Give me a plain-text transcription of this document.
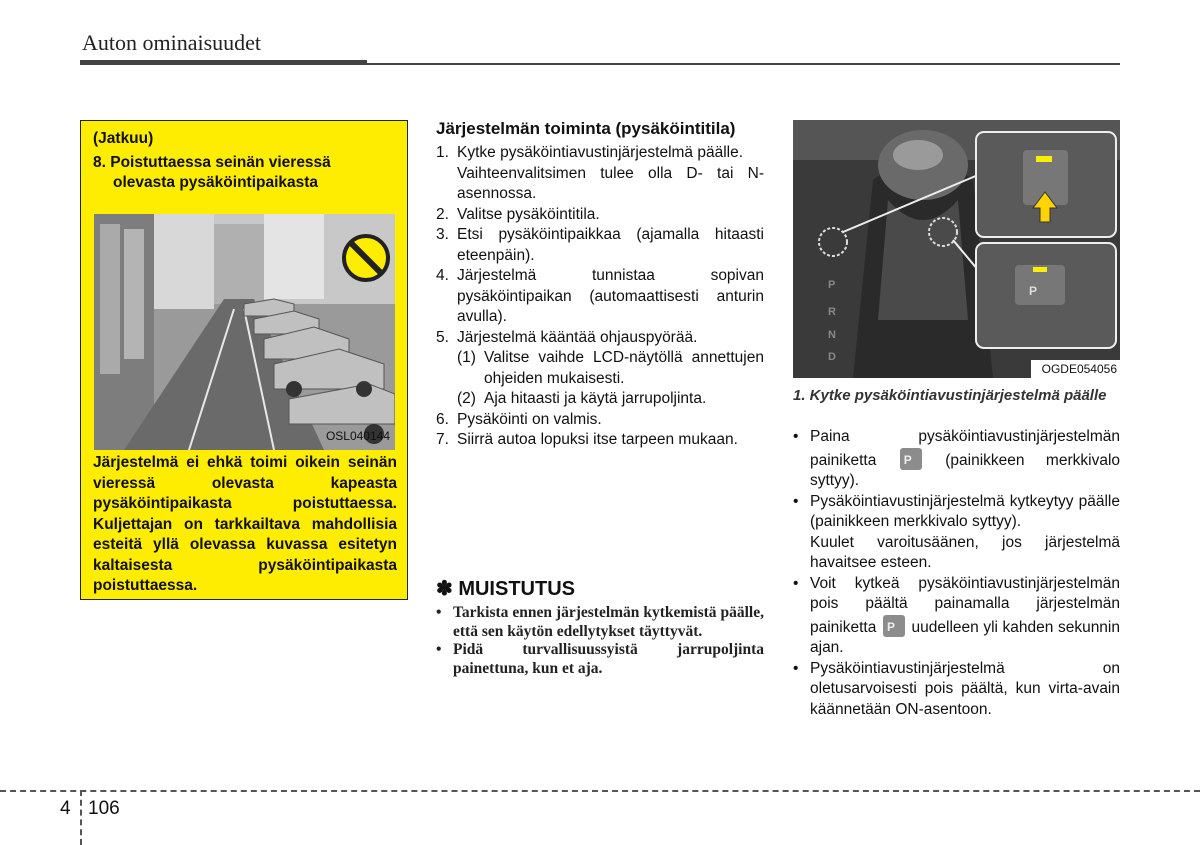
Auton ominaisuudet
(Jatkuu)
8. Poistuttaessa seinän vieressä olevasta pysäköintipaikasta
OSL040144
Järjestelmä ei ehkä toimi oikein seinän vieressä olevasta kapeasta pysäköintipaikasta poistuttaessa. Kuljettajan on tarkkailtava mahdollisia esteitä yllä olevassa kuvassa esitetyn kaltaisesta pysäköintipaikasta poistuttaessa.
Järjestelmän toiminta (pysäköintitila)
1. Kytke pysäköintiavustinjärjestelmä päälle.
Vaihteenvalitsimen tulee olla D- tai N-asennossa.
2. Valitse pysäköintitila.
3. Etsi pysäköintipaikkaa (ajamalla hitaasti eteenpäin).
4. Järjestelmä tunnistaa sopivan pysäköintipaikan (automaattisesti anturin avulla).
5. Järjestelmä kääntää ohjauspyörää.
(1) Valitse vaihde LCD-näytöllä annettujen ohjeiden mukaisesti.
(2) Aja hitaasti ja käytä jarrupoljinta.
6. Pysäköinti on valmis.
7. Siirrä autoa lopuksi itse tarpeen mukaan.
✽ MUISTUTUS
• Tarkista ennen järjestelmän kytkemistä päälle, että sen käytön edellytykset täyttyvät.
• Pidä turvallisuussyistä jarrupoljinta painettuna, kun et aja.
P
R
N
D
P
OGDE054056
1. Kytke pysäköintiavustinjärjestelmä päälle
• Paina pysäköintiavustinjärjestelmän painiketta P	(painikkeen merkkivalo syttyy).
• Pysäköintiavustinjärjestelmä kytkeytyy päälle (painikkeen merkkivalo syttyy).
Kuulet varoitusäänen, jos järjestelmä havaitsee esteen.
• Voit kytkeä pysäköintiavustinjärjestelmän pois päältä painamalla järjestelmän painiketta P uudelleen yli kahden sekunnin ajan.
• Pysäköintiavustinjärjestelmä on oletusarvoisesti pois päältä, kun virta-avain käännetään ON-asentoon.
4 106
